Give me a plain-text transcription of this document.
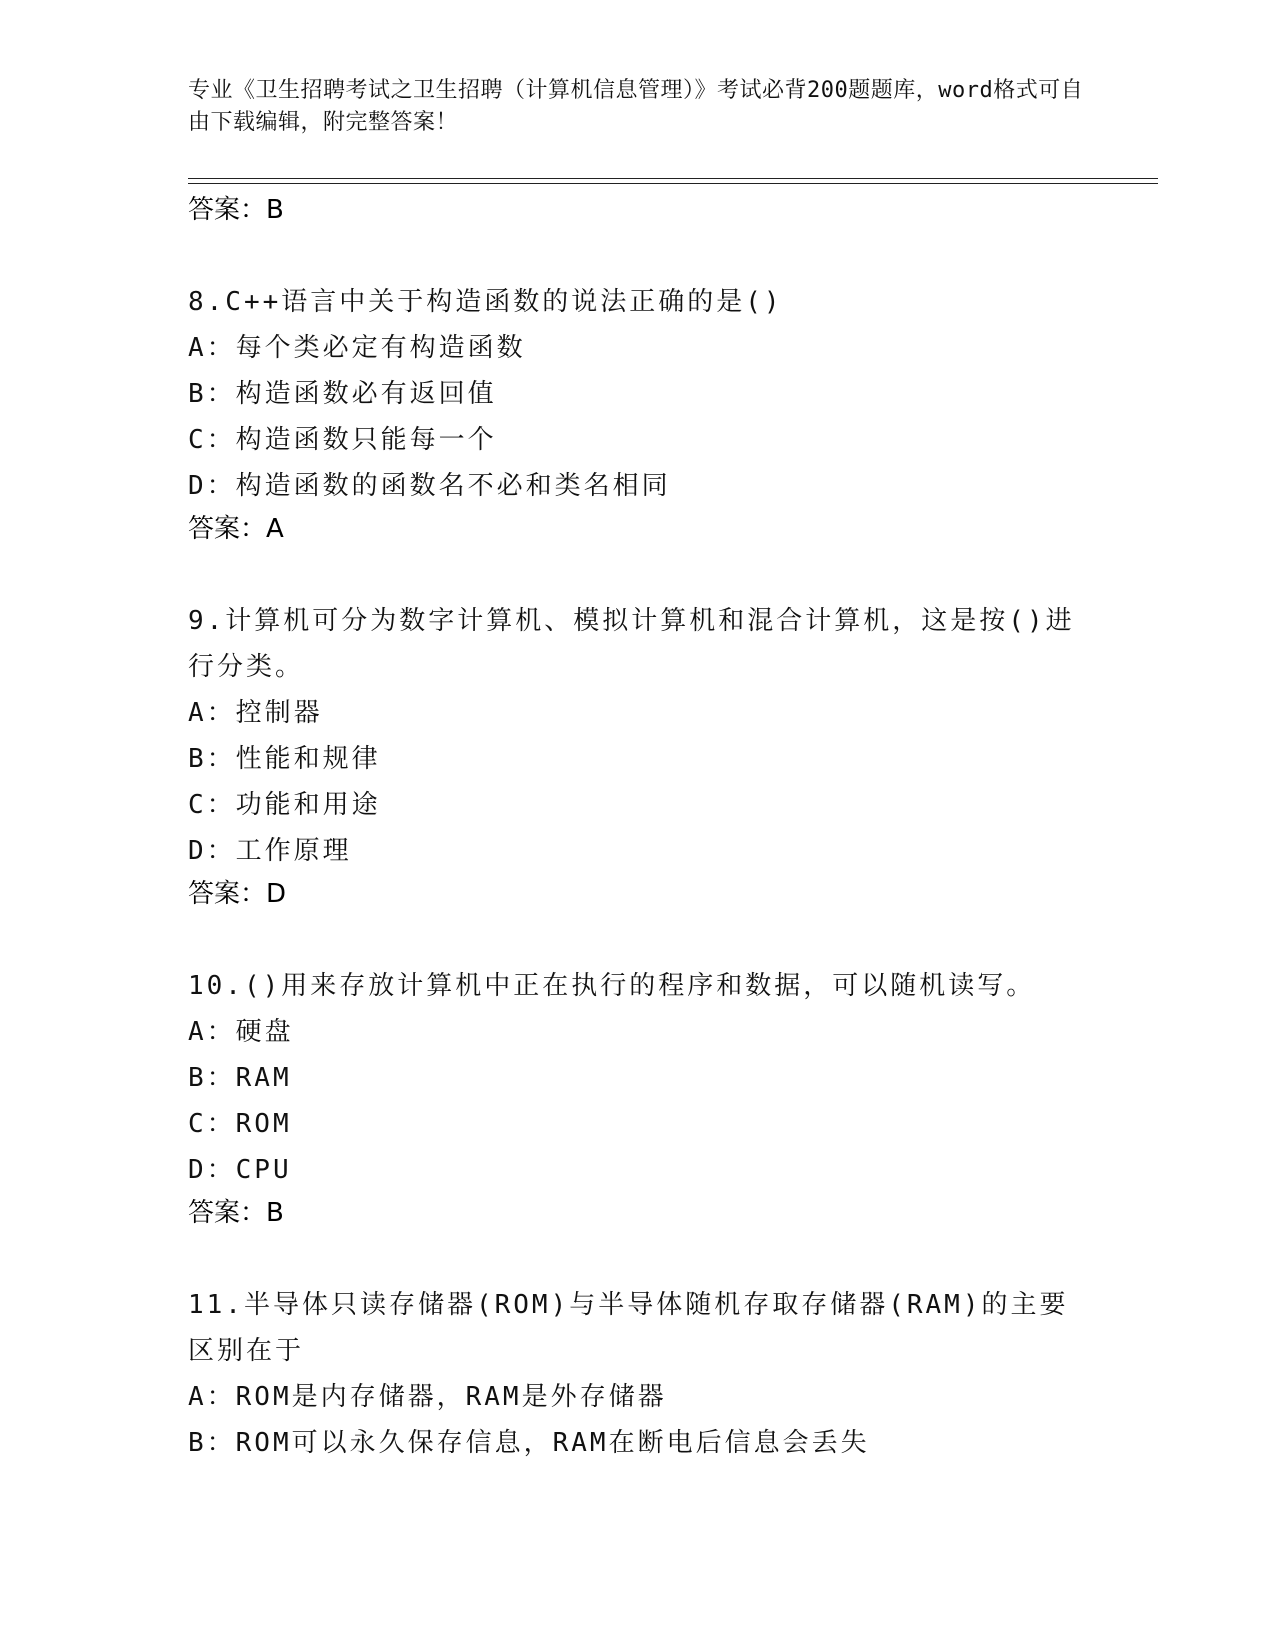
专业《卫生招聘考试之卫生招聘（计算机信息管理）》考试必背200题题库，word格式可自由下载编辑，附完整答案！

答案：B

8.C++语言中关于构造函数的说法正确的是()

A：每个类必定有构造函数

B：构造函数必有返回值

C：构造函数只能每一个

D：构造函数的函数名不必和类名相同

答案：A

9.计算机可分为数字计算机、模拟计算机和混合计算机，这是按()进行分类。

A：控制器

B：性能和规律

C：功能和用途

D：工作原理

答案：D

10.()用来存放计算机中正在执行的程序和数据，可以随机读写。

A：硬盘

B：RAM

C：ROM

D：CPU

答案：B

11.半导体只读存储器(ROM)与半导体随机存取存储器(RAM)的主要区别在于

A：ROM是内存储器，RAM是外存储器

B：ROM可以永久保存信息，RAM在断电后信息会丢失
